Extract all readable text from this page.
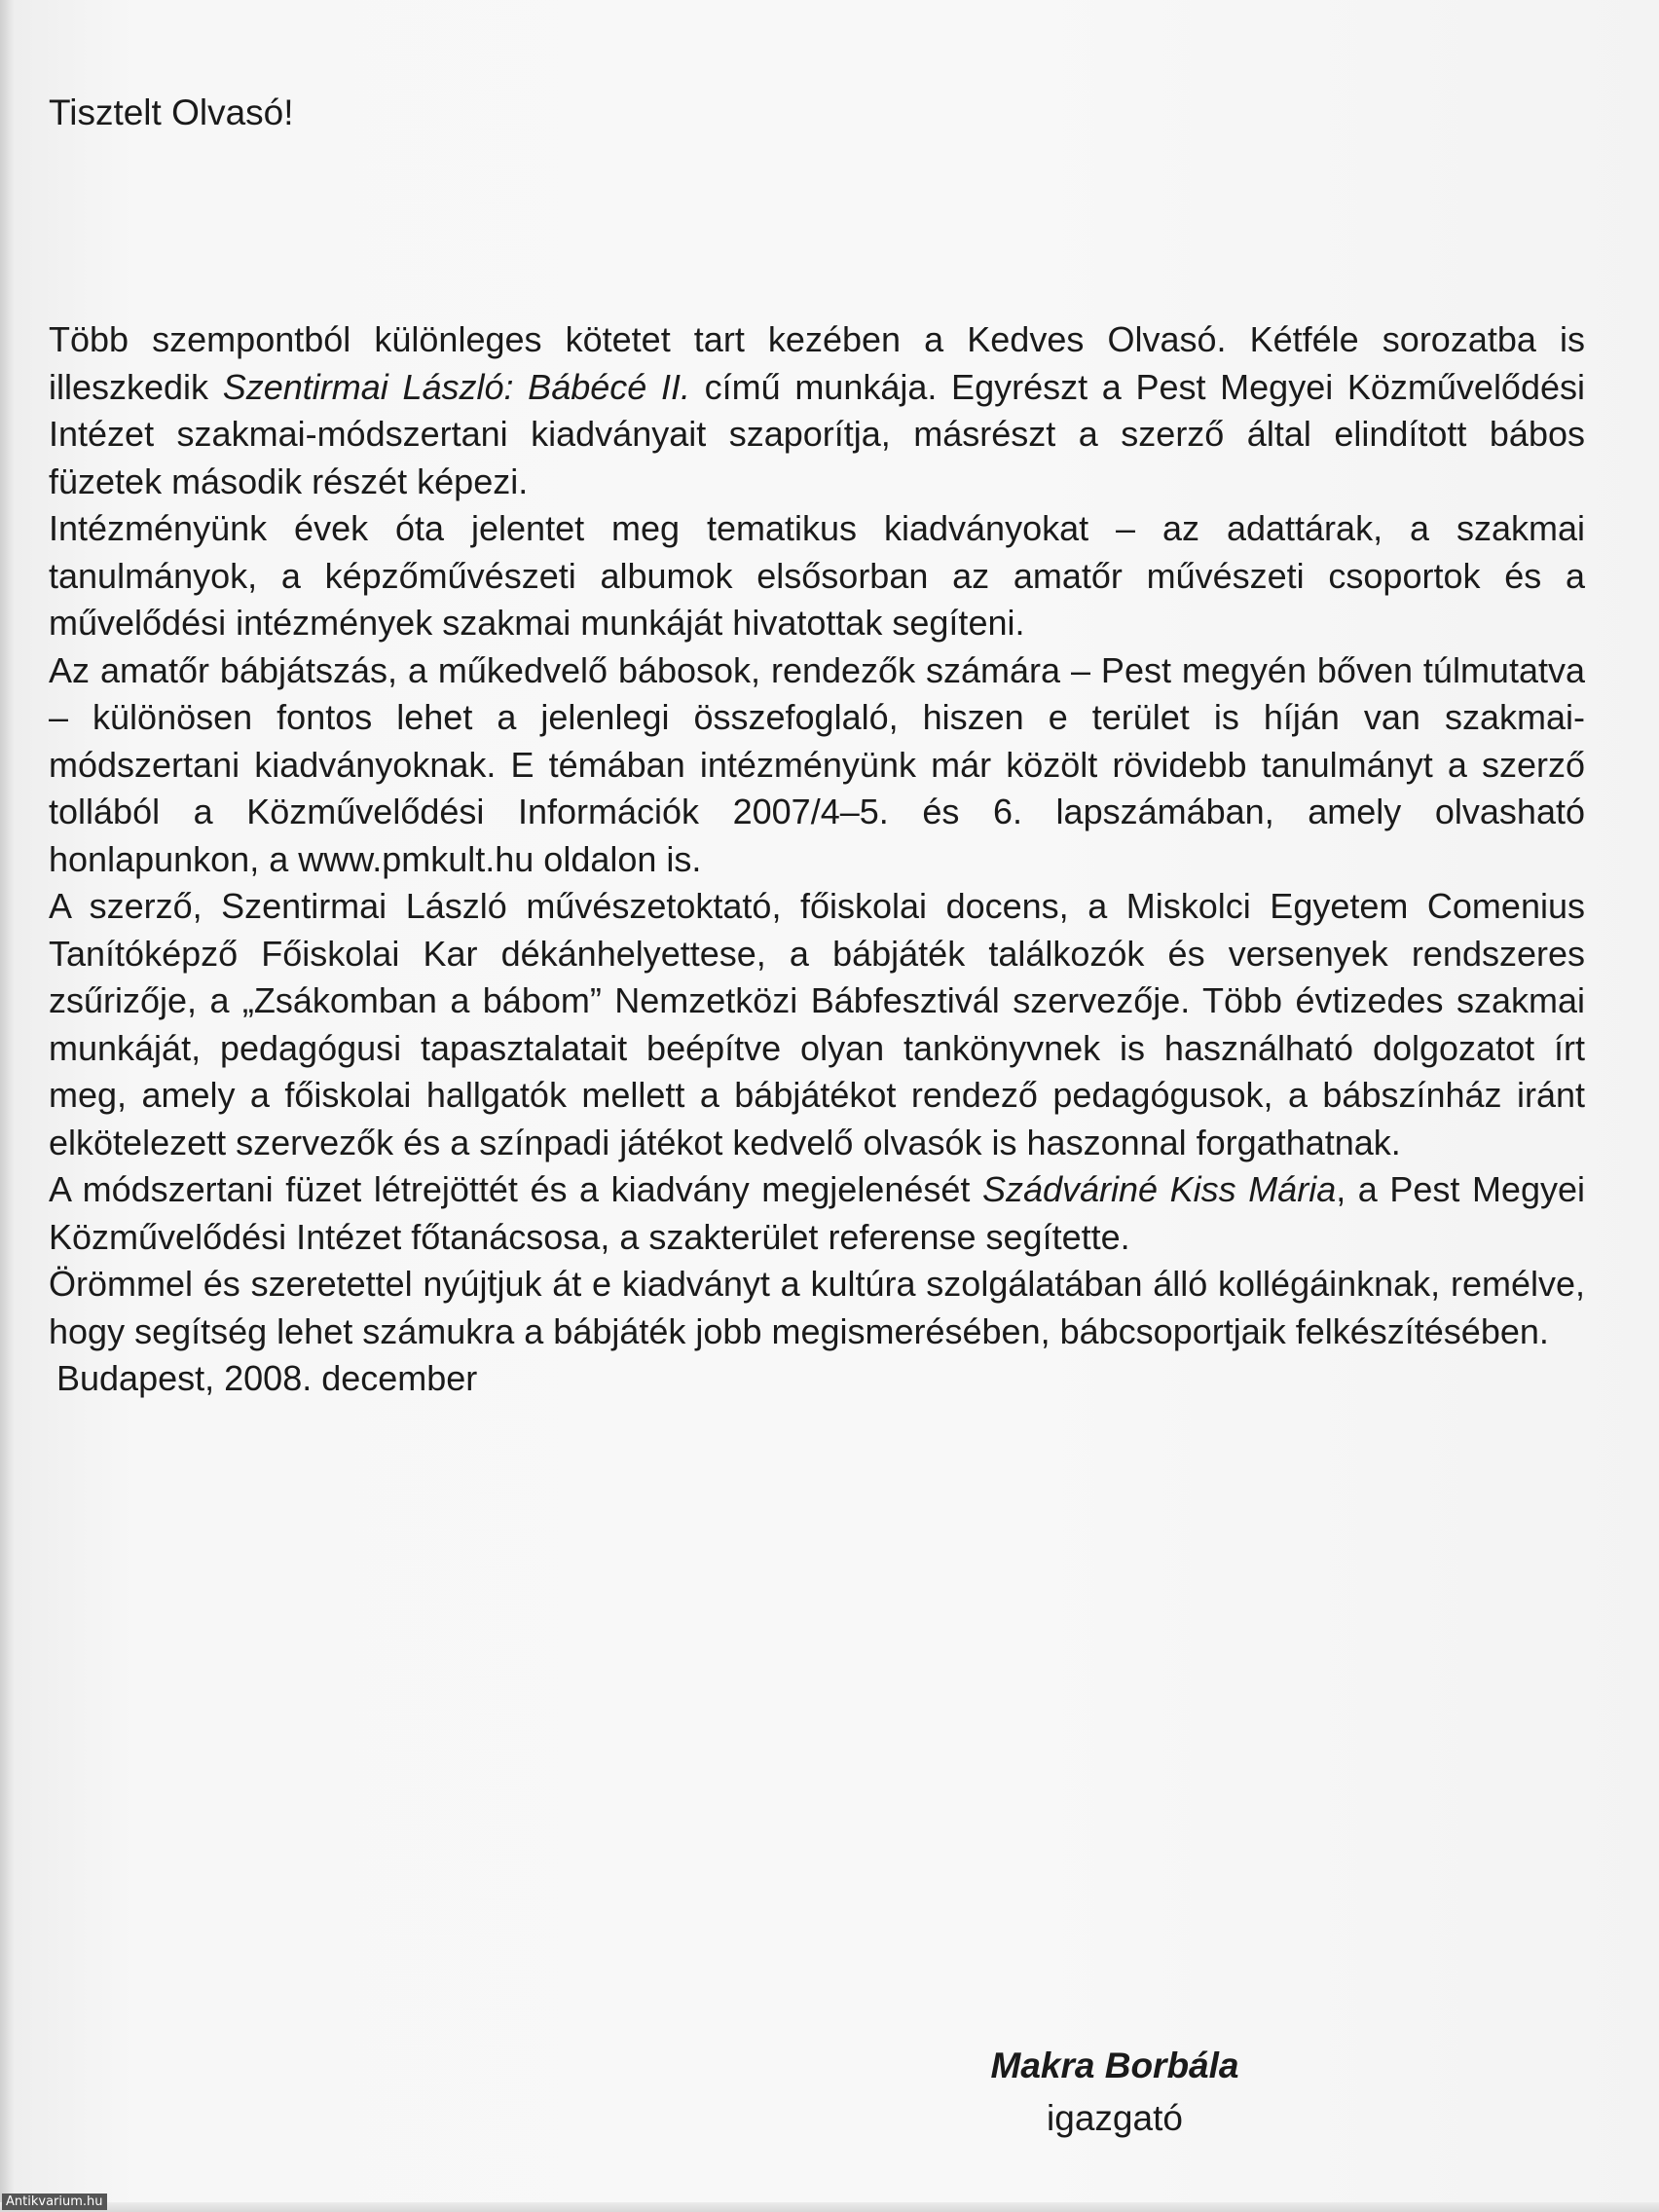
Tisztelt Olvasó!

Több szempontból különleges kötetet tart kezében a Kedves Olvasó. Kétféle sorozatba is illeszkedik Szentirmai László: Bábécé II. című munkája. Egyrészt a Pest Megyei Közművelődési Intézet szakmai-módszertani kiadványait szaporítja, másrészt a szerző által elindított bábos füzetek második részét képezi.

Intézményünk évek óta jelentet meg tematikus kiadványokat – az adattárak, a szakmai tanulmányok, a képzőművészeti albumok elsősorban az amatőr művészeti csoportok és a művelődési intézmények szakmai munkáját hivatottak segíteni.

Az amatőr bábjátszás, a műkedvelő bábosok, rendezők számára – Pest megyén bőven túlmutatva – különösen fontos lehet a jelenlegi összefoglaló, hiszen e terület is híján van szakmai-módszertani kiadványoknak. E témában intézményünk már közölt rövidebb tanulmányt a szerző tollából a Közművelődési Információk 2007/4–5. és 6. lapszámában, amely olvasható honlapunkon, a www.pmkult.hu oldalon is.

A szerző, Szentirmai László művészetoktató, főiskolai docens, a Miskolci Egyetem Comenius Tanítóképző Főiskolai Kar dékánhelyettese, a bábjáték találkozók és versenyek rendszeres zsűrizője, a „Zsákomban a bábom” Nemzetközi Bábfesztivál szervezője. Több évtizedes szakmai munkáját, pedagógusi tapasztalatait beépítve olyan tankönyvnek is használható dolgozatot írt meg, amely a főiskolai hallgatók mellett a bábjátékot rendező pedagógusok, a bábszínház iránt elkötelezett szervezők és a színpadi játékot kedvelő olvasók is haszonnal forgathatnak.

A módszertani füzet létrejöttét és a kiadvány megjelenését Szádváriné Kiss Mária, a Pest Megyei Közművelődési Intézet főtanácsosa, a szakterület referense segítette.

Örömmel és szeretettel nyújtjuk át e kiadványt a kultúra szolgálatában álló kollégáinknak, remélve, hogy segítség lehet számukra a bábjáték jobb megismerésében, bábcsoportjaik felkészítésében.

Budapest, 2008. december

Makra Borbála
igazgató
Antikvarium.hu
